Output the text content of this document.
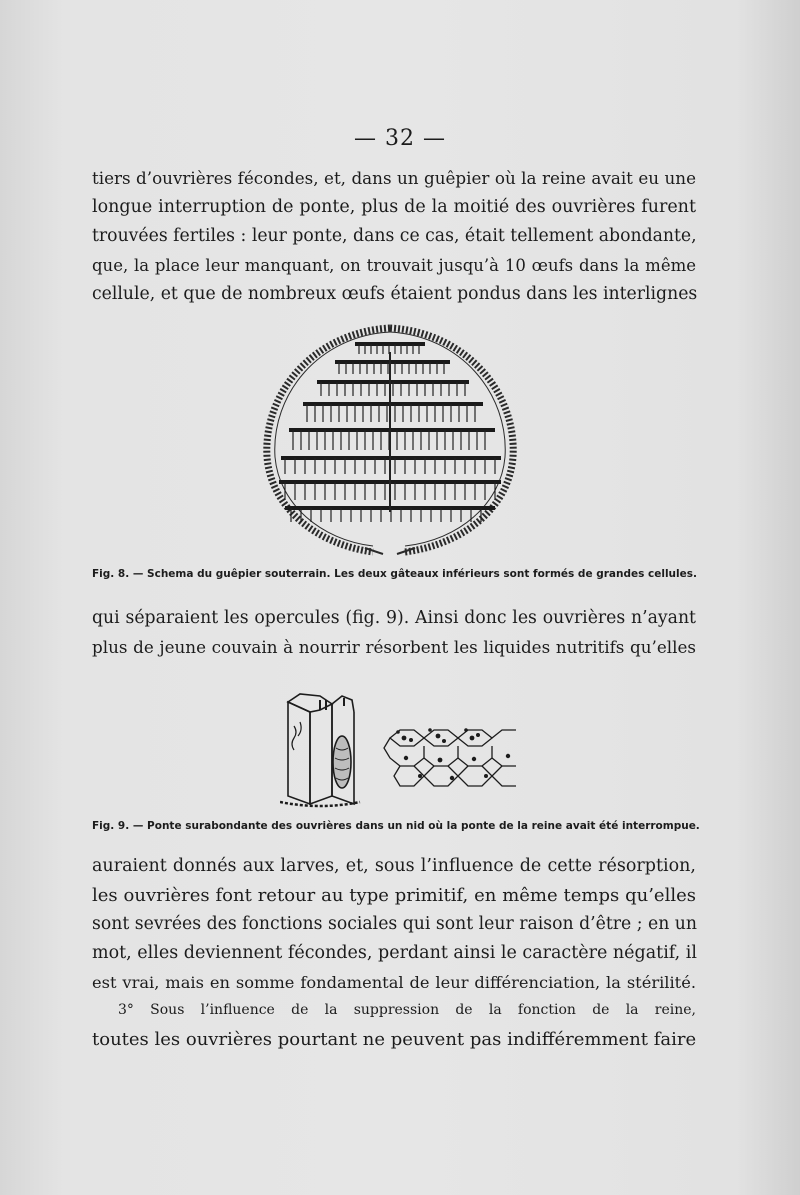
— 32 —

tiers d’ouvrières fécondes, et, dans un guêpier où la reine avait eu une
longue interruption de ponte, plus de la moitié des ouvrières furent
trouvées fertiles : leur ponte, dans ce cas, était tellement abondante,
que, la place leur manquant, on trouvait jusqu’à 10 œufs dans la même
cellule, et que de nombreux œufs étaient pondus dans les interlignes

Fig. 8. — Schema du guêpier souterrain. Les deux gâteaux inférieurs sont formés de grandes cellules.

qui séparaient les opercules (fig. 9). Ainsi donc les ouvrières n’ayant
plus de jeune couvain à nourrir résorbent les liquides nutritifs qu’elles

Fig. 9. — Ponte surabondante des ouvrières dans un nid où la ponte de la reine avait été interrompue.

auraient donnés aux larves, et, sous l’influence de cette résorption,
les ouvrières font retour au type primitif, en même temps qu’elles
sont sevrées des fonctions sociales qui sont leur raison d’être ; en un
mot, elles deviennent fécondes, perdant ainsi le caractère négatif, il
est vrai, mais en somme fondamental de leur différenciation, la stérilité.

3° Sous l’influence de la suppression de la fonction de la reine,
toutes les ouvrières pourtant ne peuvent pas indifféremment faire
